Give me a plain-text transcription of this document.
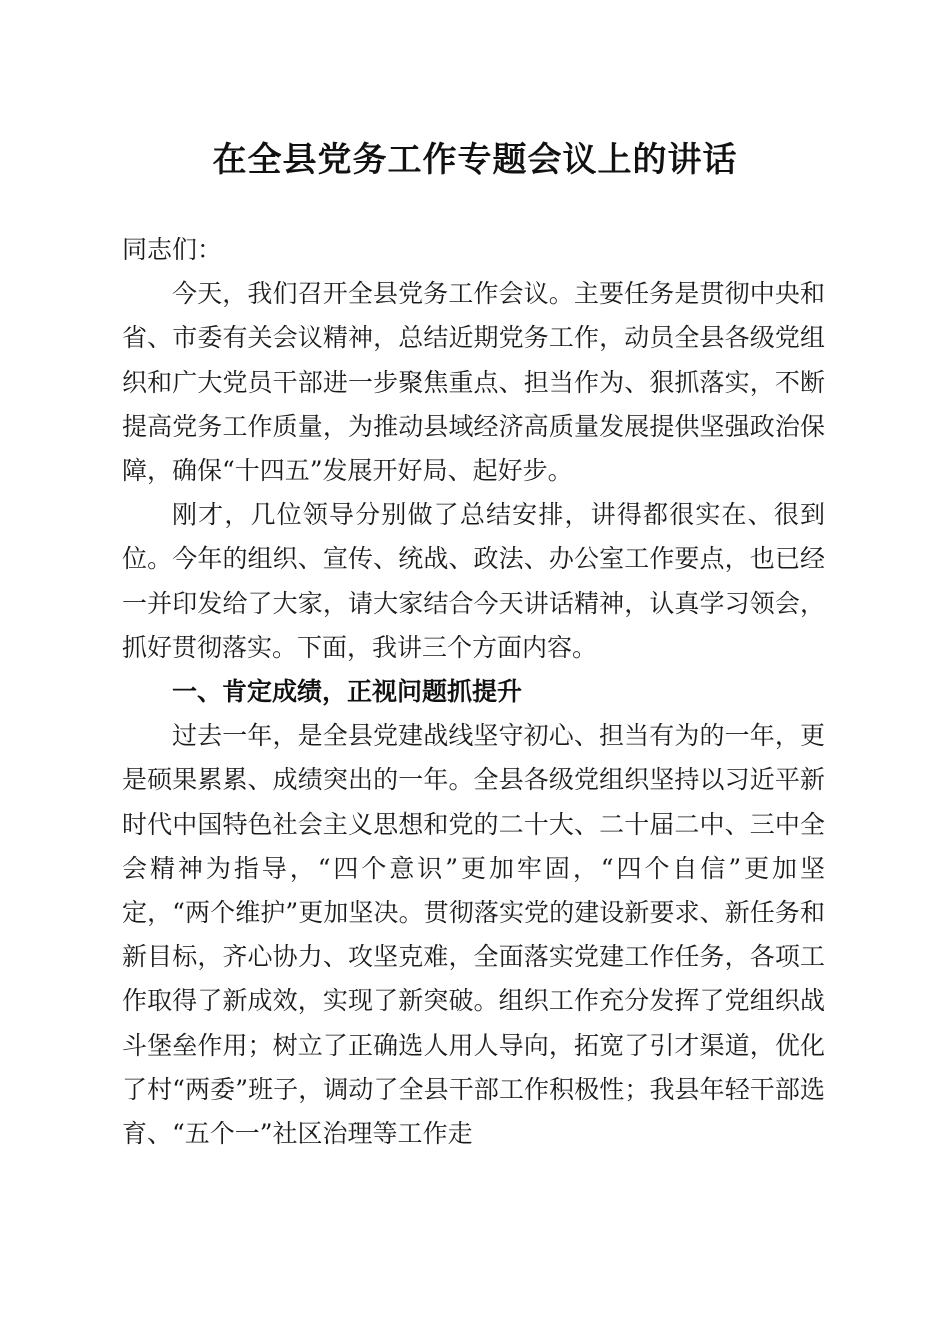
在全县党务工作专题会议上的讲话

同志们：

今天，我们召开全县党务工作会议。主要任务是贯彻中央和省、市委有关会议精神，总结近期党务工作，动员全县各级党组织和广大党员干部进一步聚焦重点、担当作为、狠抓落实，不断提高党务工作质量，为推动县域经济高质量发展提供坚强政治保障，确保“十四五”发展开好局、起好步。

刚才，几位领导分别做了总结安排，讲得都很实在、很到位。今年的组织、宣传、统战、政法、办公室工作要点，也已经一并印发给了大家，请大家结合今天讲话精神，认真学习领会，抓好贯彻落实。下面，我讲三个方面内容。

一、肯定成绩，正视问题抓提升

过去一年，是全县党建战线坚守初心、担当有为的一年，更是硕果累累、成绩突出的一年。全县各级党组织坚持以习近平新时代中国特色社会主义思想和党的二十大、二十届二中、三中全会精神为指导，“四个意识”更加牢固，“四个自信”更加坚定，“两个维护”更加坚决。贯彻落实党的建设新要求、新任务和新目标，齐心协力、攻坚克难，全面落实党建工作任务，各项工作取得了新成效，实现了新突破。组织工作充分发挥了党组织战斗堡垒作用；树立了正确选人用人导向，拓宽了引才渠道，优化了村“两委”班子，调动了全县干部工作积极性；我县年轻干部选育、“五个一”社区治理等工作走
